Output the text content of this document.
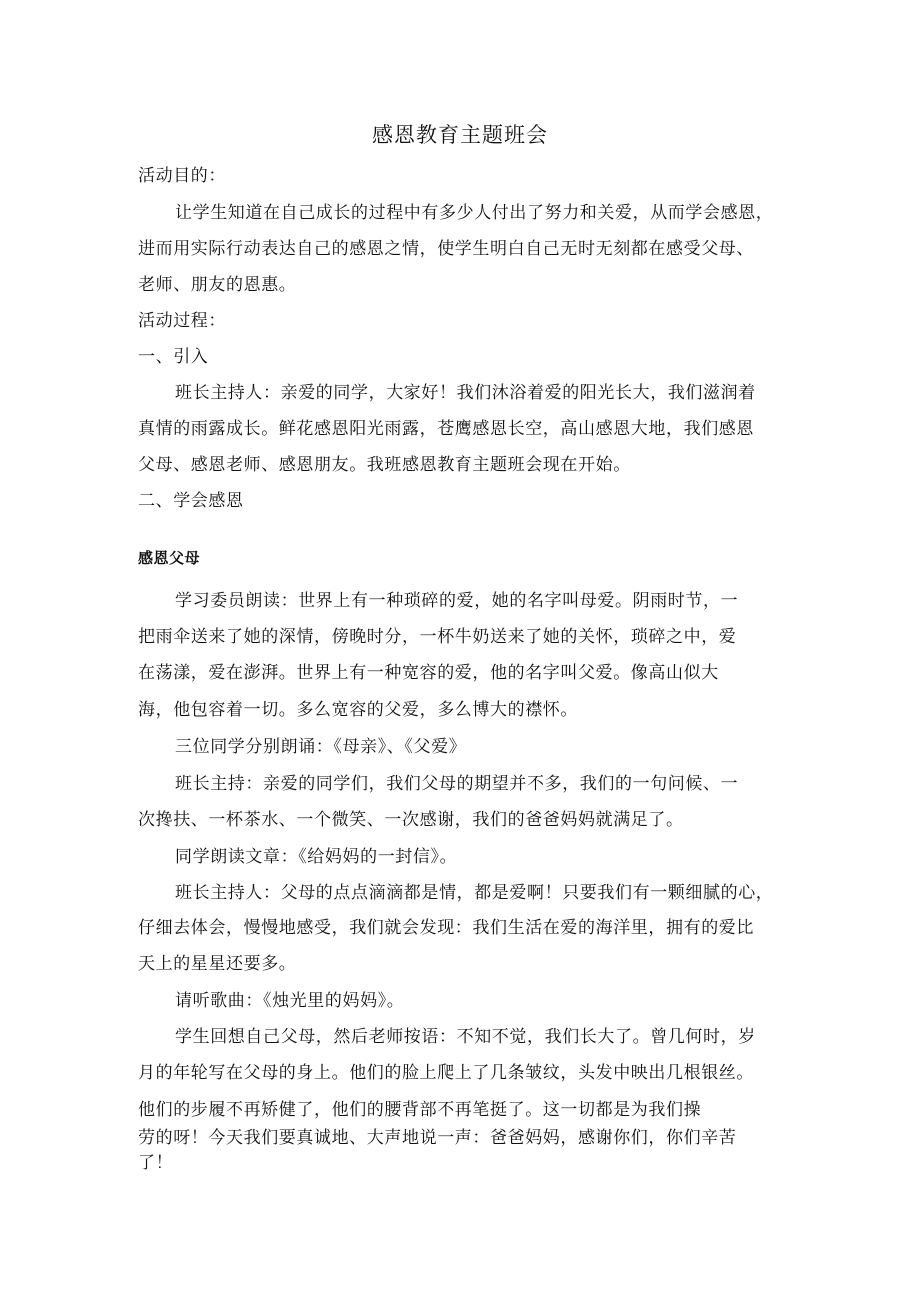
感恩教育主题班会
活动目的：
让学生知道在自己成长的过程中有多少人付出了努力和关爱，从而学会感恩，
进而用实际行动表达自己的感恩之情，使学生明白自己无时无刻都在感受父母、
老师、朋友的恩惠。
活动过程：
一、引入
班长主持人：亲爱的同学，大家好！我们沐浴着爱的阳光长大，我们滋润着
真情的雨露成长。鲜花感恩阳光雨露，苍鹰感恩长空，高山感恩大地，我们感恩
父母、感恩老师、感恩朋友。我班感恩教育主题班会现在开始。
二、学会感恩
感恩父母
学习委员朗读：世界上有一种琐碎的爱，她的名字叫母爱。阴雨时节，一
把雨伞送来了她的深情，傍晚时分，一杯牛奶送来了她的关怀，琐碎之中，爱
在荡漾，爱在澎湃。世界上有一种宽容的爱，他的名字叫父爱。像高山似大
海，他包容着一切。多么宽容的父爱，多么博大的襟怀。
三位同学分别朗诵：《母亲》、《父爱》
班长主持：亲爱的同学们，我们父母的期望并不多，我们的一句问候、一
次搀扶、一杯茶水、一个微笑、一次感谢，我们的爸爸妈妈就满足了。
同学朗读文章：《给妈妈的一封信》。
班长主持人：父母的点点滴滴都是情，都是爱啊！只要我们有一颗细腻的心，
仔细去体会，慢慢地感受，我们就会发现：我们生活在爱的海洋里，拥有的爱比
天上的星星还要多。
请听歌曲：《烛光里的妈妈》。
学生回想自己父母，然后老师按语：不知不觉，我们长大了。曾几何时，岁
月的年轮写在父母的身上。他们的脸上爬上了几条皱纹，头发中映出几根银丝。
他们的步履不再矫健了，他们的腰背部不再笔挺了。这一切都是为我们操
劳的呀！今天我们要真诚地、大声地说一声：爸爸妈妈，感谢你们，你们辛苦
了！
